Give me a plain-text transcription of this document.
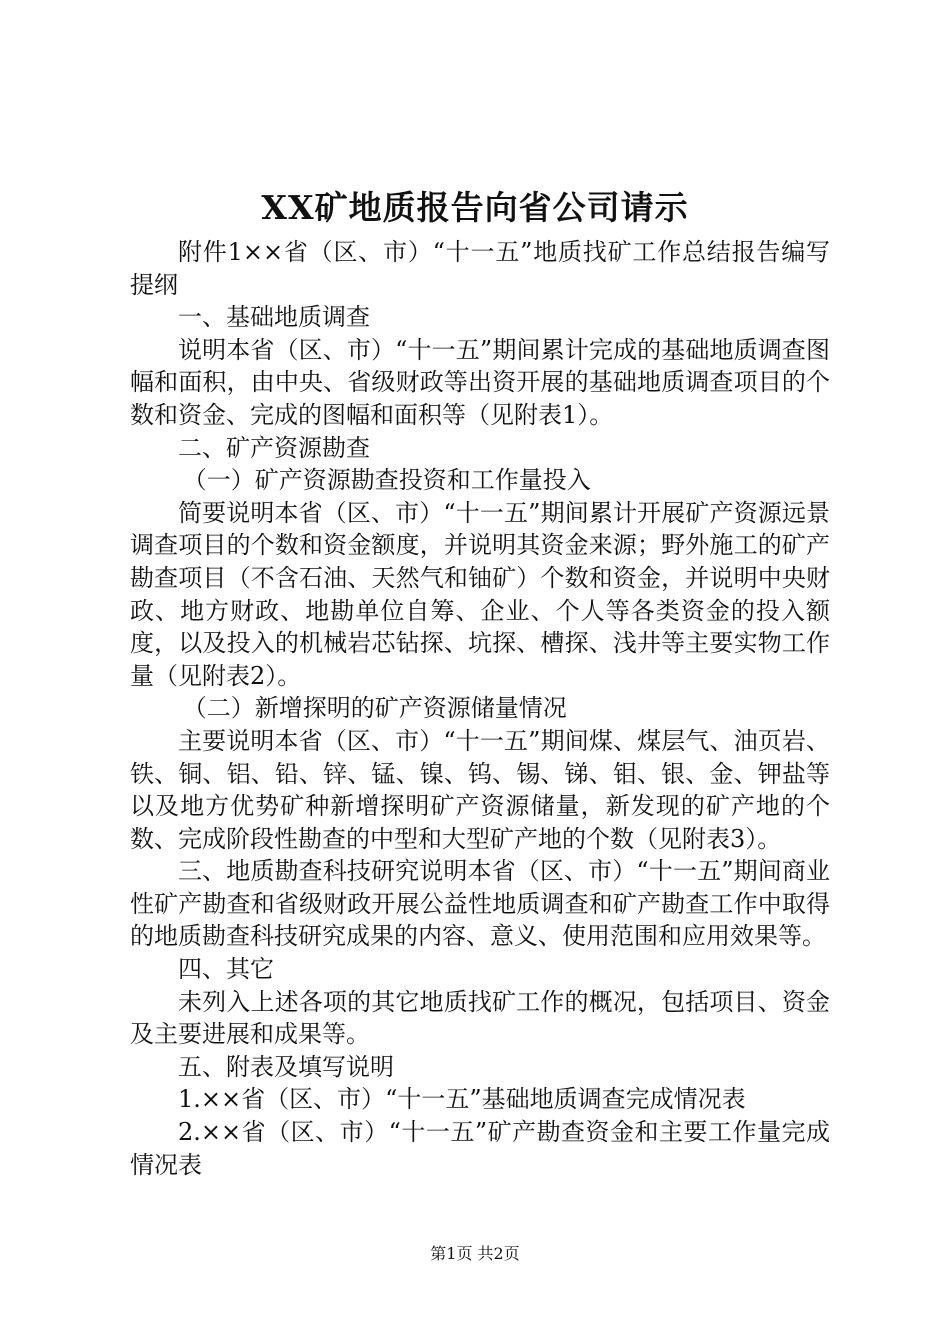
XX矿地质报告向省公司请示

附件1××省（区、市）“十一五”地质找矿工作总结报告编写提纲

一、基础地质调查

说明本省（区、市）“十一五”期间累计完成的基础地质调查图幅和面积，由中央、省级财政等出资开展的基础地质调查项目的个数和资金、完成的图幅和面积等（见附表1）。

二、矿产资源勘查

（一）矿产资源勘查投资和工作量投入

简要说明本省（区、市）“十一五”期间累计开展矿产资源远景调查项目的个数和资金额度，并说明其资金来源；野外施工的矿产勘查项目（不含石油、天然气和铀矿）个数和资金，并说明中央财政、地方财政、地勘单位自筹、企业、个人等各类资金的投入额度，以及投入的机械岩芯钻探、坑探、槽探、浅井等主要实物工作量（见附表2）。

（二）新增探明的矿产资源储量情况

主要说明本省（区、市）“十一五”期间煤、煤层气、油页岩、铁、铜、铝、铅、锌、锰、镍、钨、锡、锑、钼、银、金、钾盐等以及地方优势矿种新增探明矿产资源储量，新发现的矿产地的个数、完成阶段性勘查的中型和大型矿产地的个数（见附表3）。

三、地质勘查科技研究说明本省（区、市）“十一五”期间商业性矿产勘查和省级财政开展公益性地质调查和矿产勘查工作中取得的地质勘查科技研究成果的内容、意义、使用范围和应用效果等。

四、其它

未列入上述各项的其它地质找矿工作的概况，包括项目、资金及主要进展和成果等。

五、附表及填写说明

1.××省（区、市）“十一五”基础地质调查完成情况表

2.××省（区、市）“十一五”矿产勘查资金和主要工作量完成情况表

第1页 共2页
